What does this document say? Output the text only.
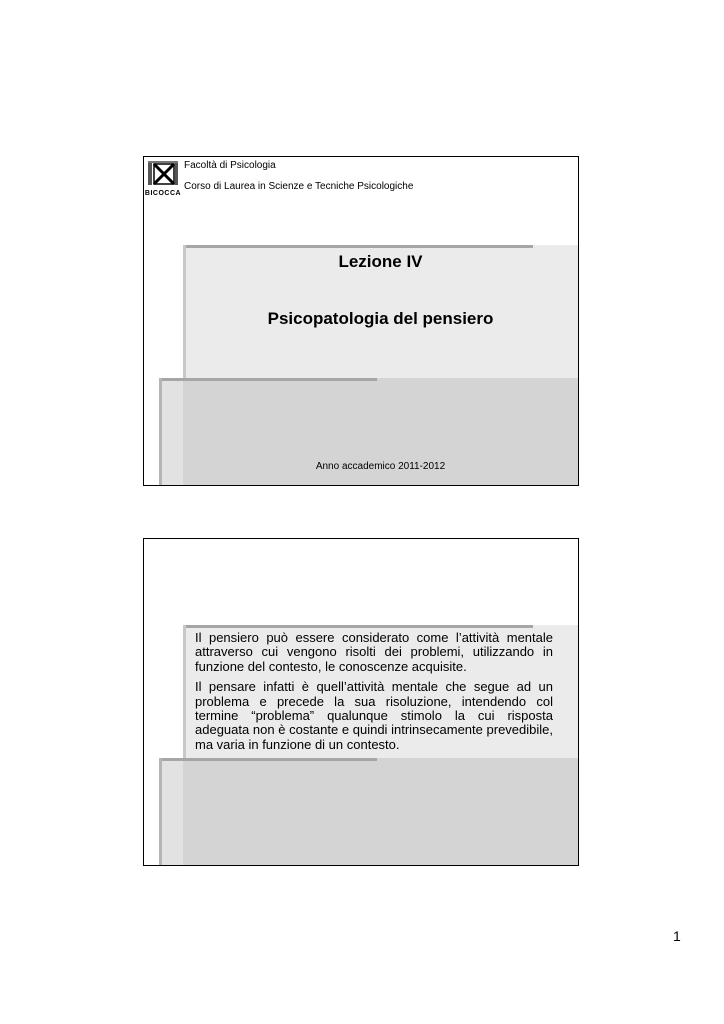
BICOCCA
Facoltà di Psicologia
Corso di Laurea in Scienze e Tecniche Psicologiche
Lezione IV
Psicopatologia del pensiero
Anno accademico 2011-2012

Il pensiero può essere considerato come l’attività mentale attraverso cui vengono risolti dei problemi, utilizzando in funzione del contesto, le conoscenze acquisite.

Il pensare infatti è quell’attività mentale che segue ad un problema e precede la sua risoluzione, intendendo col termine “problema” qualunque stimolo la cui risposta adeguata non è costante e quindi intrinsecamente prevedibile, ma varia in funzione di un contesto.

1
